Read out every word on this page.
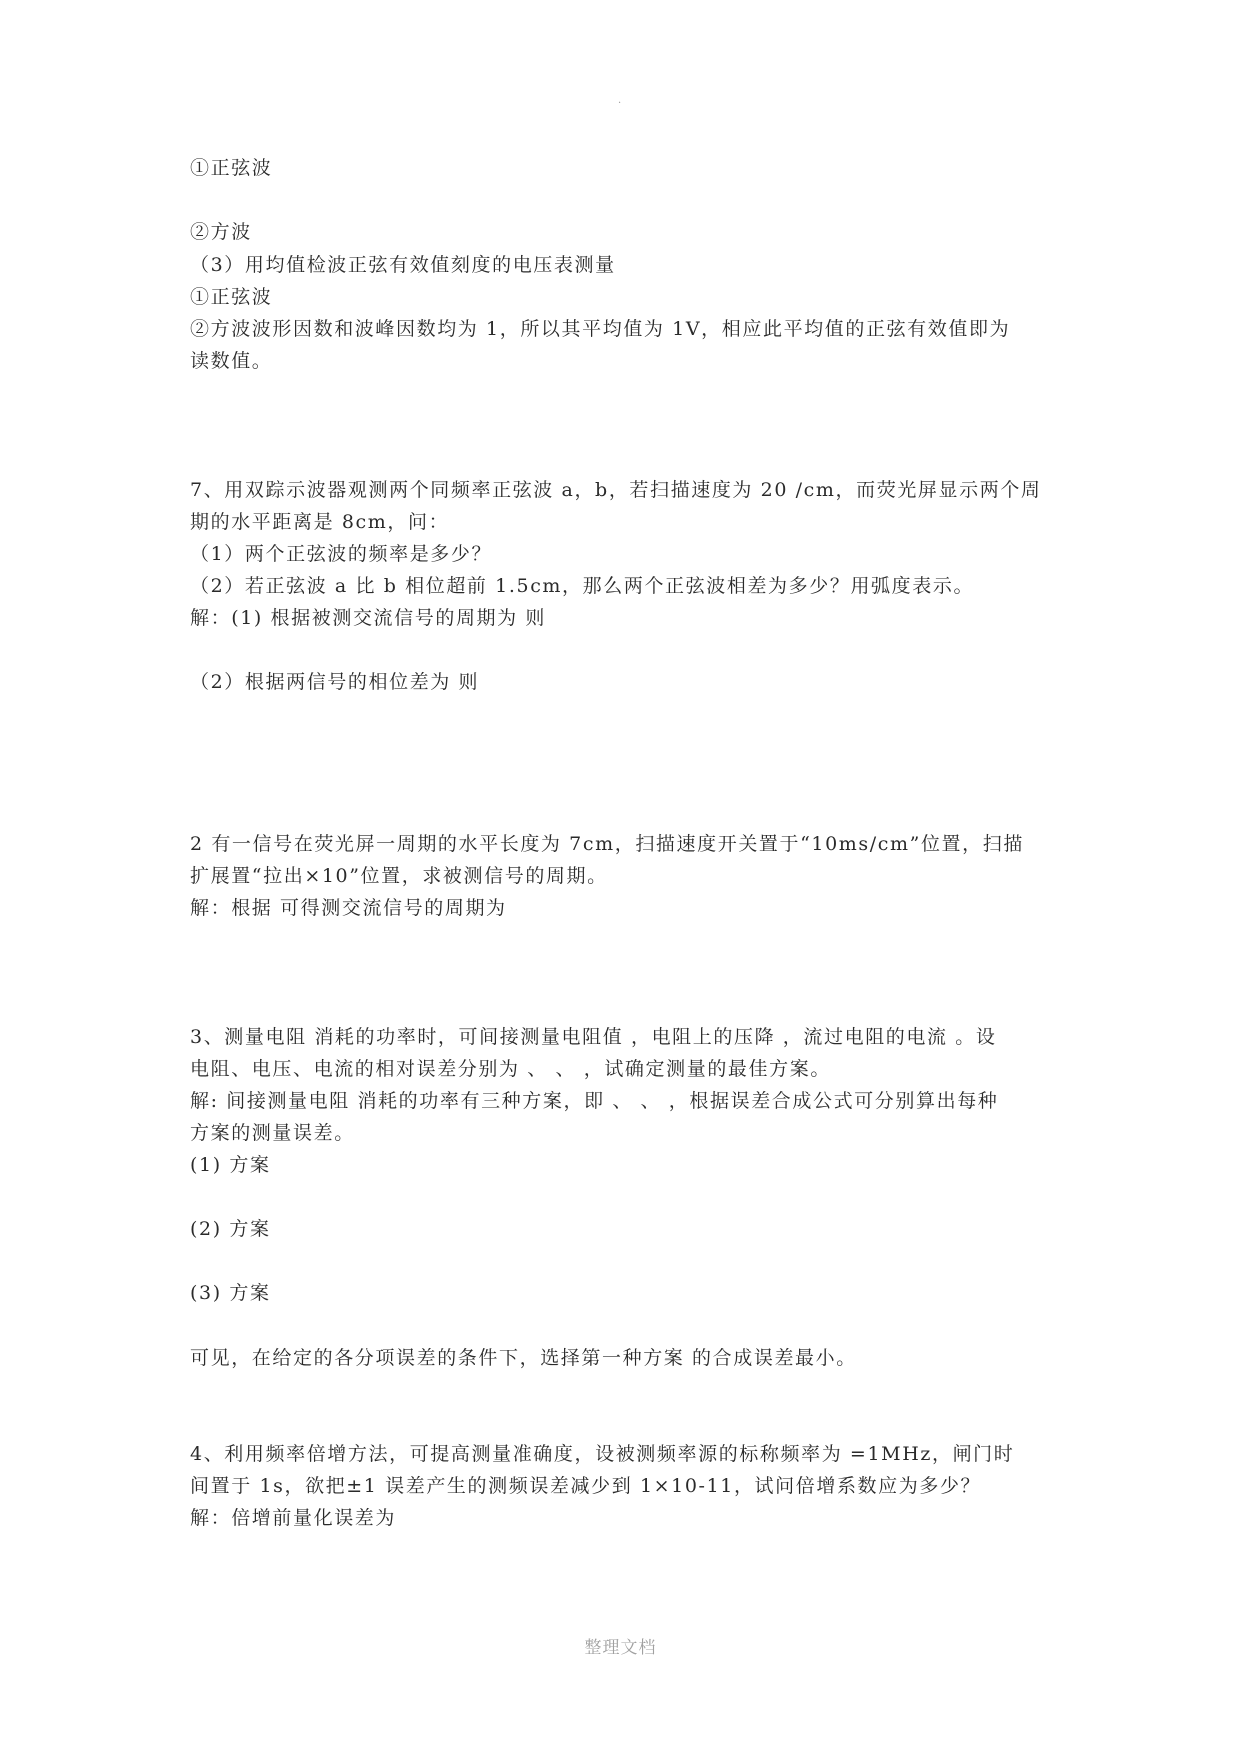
.
①正弦波
②方波
（3）用均值检波正弦有效值刻度的电压表测量
①正弦波
②方波波形因数和波峰因数均为 1，所以其平均值为 1V，相应此平均值的正弦有效值即为
读数值。
7、用双踪示波器观测两个同频率正弦波 a，b，若扫描速度为 20 /cm，而荧光屏显示两个周
期的水平距离是 8cm，问：
（1）两个正弦波的频率是多少？
（2）若正弦波 a 比 b 相位超前 1.5cm，那么两个正弦波相差为多少？用弧度表示。
解：(1) 根据被测交流信号的周期为 则
（2）根据两信号的相位差为 则
2 有一信号在荧光屏一周期的水平长度为 7cm，扫描速度开关置于“10ms/cm”位置，扫描
扩展置“拉出×10”位置，求被测信号的周期。
解：根据 可得测交流信号的周期为
3、测量电阻 消耗的功率时，可间接测量电阻值 ，电阻上的压降 ，流过电阻的电流 。设
电阻、电压、电流的相对误差分别为 、 、 ，试确定测量的最佳方案。
解: 间接测量电阻 消耗的功率有三种方案，即 、 、 ，根据误差合成公式可分别算出每种
方案的测量误差。
(1) 方案
(2) 方案
(3) 方案
可见，在给定的各分项误差的条件下，选择第一种方案 的合成误差最小。
4、利用频率倍增方法，可提高测量准确度，设被测频率源的标称频率为 =1MHz，闸门时
间置于 1s，欲把±1 误差产生的测频误差减少到 1×10-11，试问倍增系数应为多少？
解：倍增前量化误差为
整理文档
